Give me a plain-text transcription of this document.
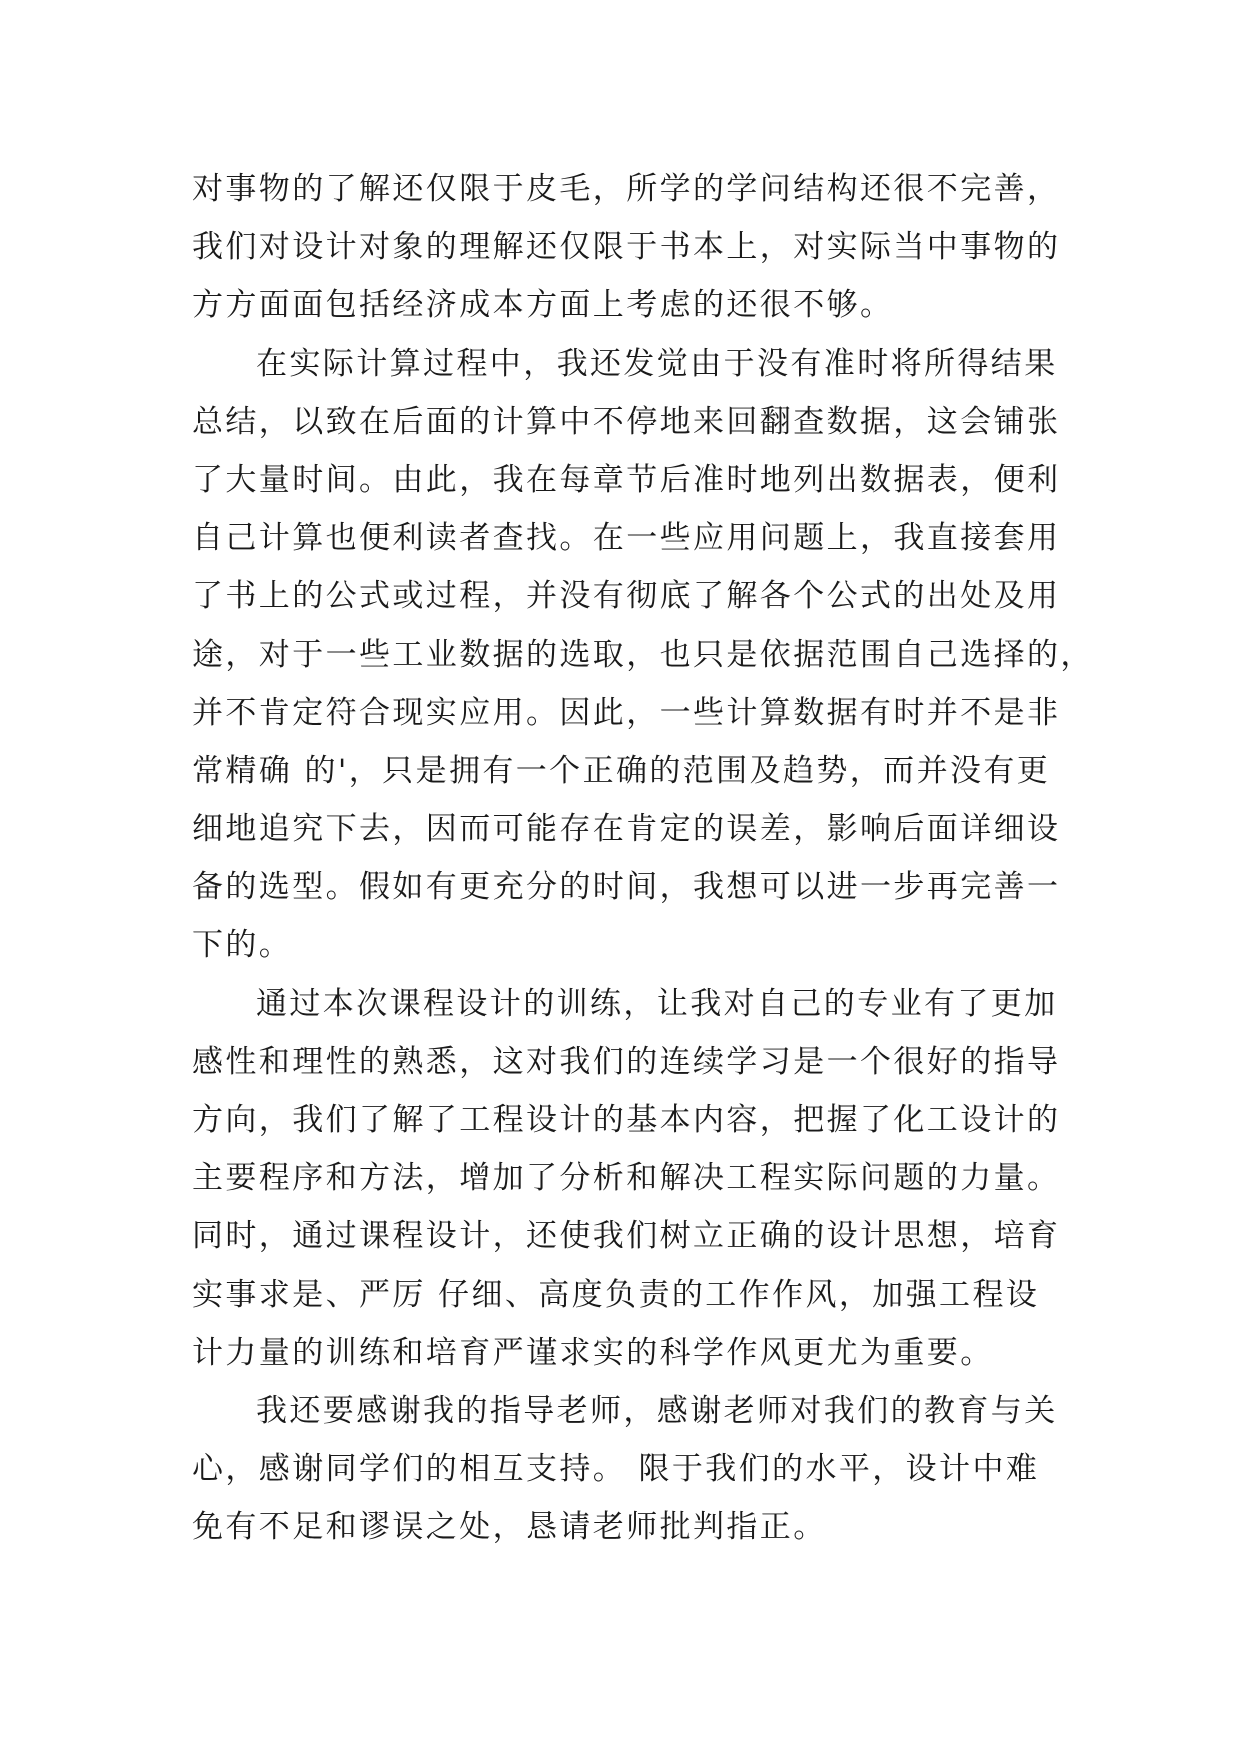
对事物的了解还仅限于皮毛，所学的学问结构还很不完善，
我们对设计对象的理解还仅限于书本上，对实际当中事物的
方方面面包括经济成本方面上考虑的还很不够。

在实际计算过程中，我还发觉由于没有准时将所得结果
总结，以致在后面的计算中不停地来回翻查数据，这会铺张
了大量时间。由此，我在每章节后准时地列出数据表，便利
自己计算也便利读者查找。在一些应用问题上，我直接套用
了书上的公式或过程，并没有彻底了解各个公式的出处及用
途，对于一些工业数据的选取，也只是依据范围自己选择的，
并不肯定符合现实应用。因此，一些计算数据有时并不是非
常精确 的'，只是拥有一个正确的范围及趋势，而并没有更
细地追究下去，因而可能存在肯定的误差，影响后面详细设
备的选型。假如有更充分的时间，我想可以进一步再完善一
下的。

通过本次课程设计的训练，让我对自己的专业有了更加
感性和理性的熟悉，这对我们的连续学习是一个很好的指导
方向，我们了解了工程设计的基本内容，把握了化工设计的
主要程序和方法，增加了分析和解决工程实际问题的力量。
同时，通过课程设计，还使我们树立正确的设计思想，培育
实事求是、严厉 仔细、高度负责的工作作风，加强工程设
计力量的训练和培育严谨求实的科学作风更尤为重要。

我还要感谢我的指导老师，感谢老师对我们的教育与关
心，感谢同学们的相互支持。 限于我们的水平，设计中难
免有不足和谬误之处，恳请老师批判指正。
